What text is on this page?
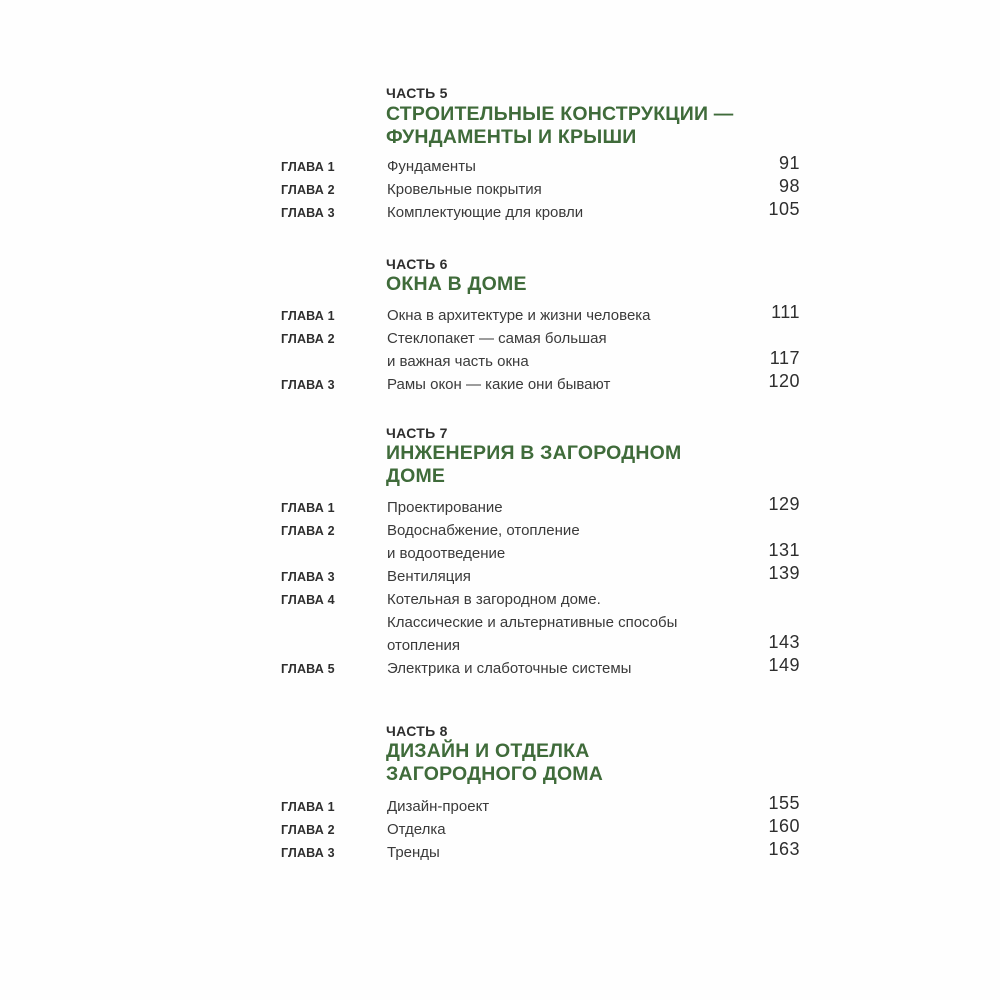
ЧАСТЬ 5
СТРОИТЕЛЬНЫЕ КОНСТРУКЦИИ —
ФУНДАМЕНТЫ И КРЫШИ
ГЛАВА 1	Фундаменты	91
ГЛАВА 2	Кровельные покрытия	98
ГЛАВА 3	Комплектующие для кровли	105
ЧАСТЬ 6
ОКНА В ДОМЕ
ГЛАВА 1	Окна в архитектуре и жизни человека	111
ГЛАВА 2	Стеклопакет — самая большая
и важная часть окна	117
ГЛАВА 3	Рамы окон — какие они бывают	120
ЧАСТЬ 7
ИНЖЕНЕРИЯ В ЗАГОРОДНОМ
ДОМЕ
ГЛАВА 1	Проектирование	129
ГЛАВА 2	Водоснабжение, отопление
и водоотведение	131
ГЛАВА 3	Вентиляция	139
ГЛАВА 4	Котельная в загородном доме.
Классические и альтернативные способы
отопления	143
ГЛАВА 5	Электрика и слаботочные системы	149
ЧАСТЬ 8
ДИЗАЙН И ОТДЕЛКА
ЗАГОРОДНОГО ДОМА
ГЛАВА 1	Дизайн-проект	155
ГЛАВА 2	Отделка	160
ГЛАВА 3	Тренды	163
